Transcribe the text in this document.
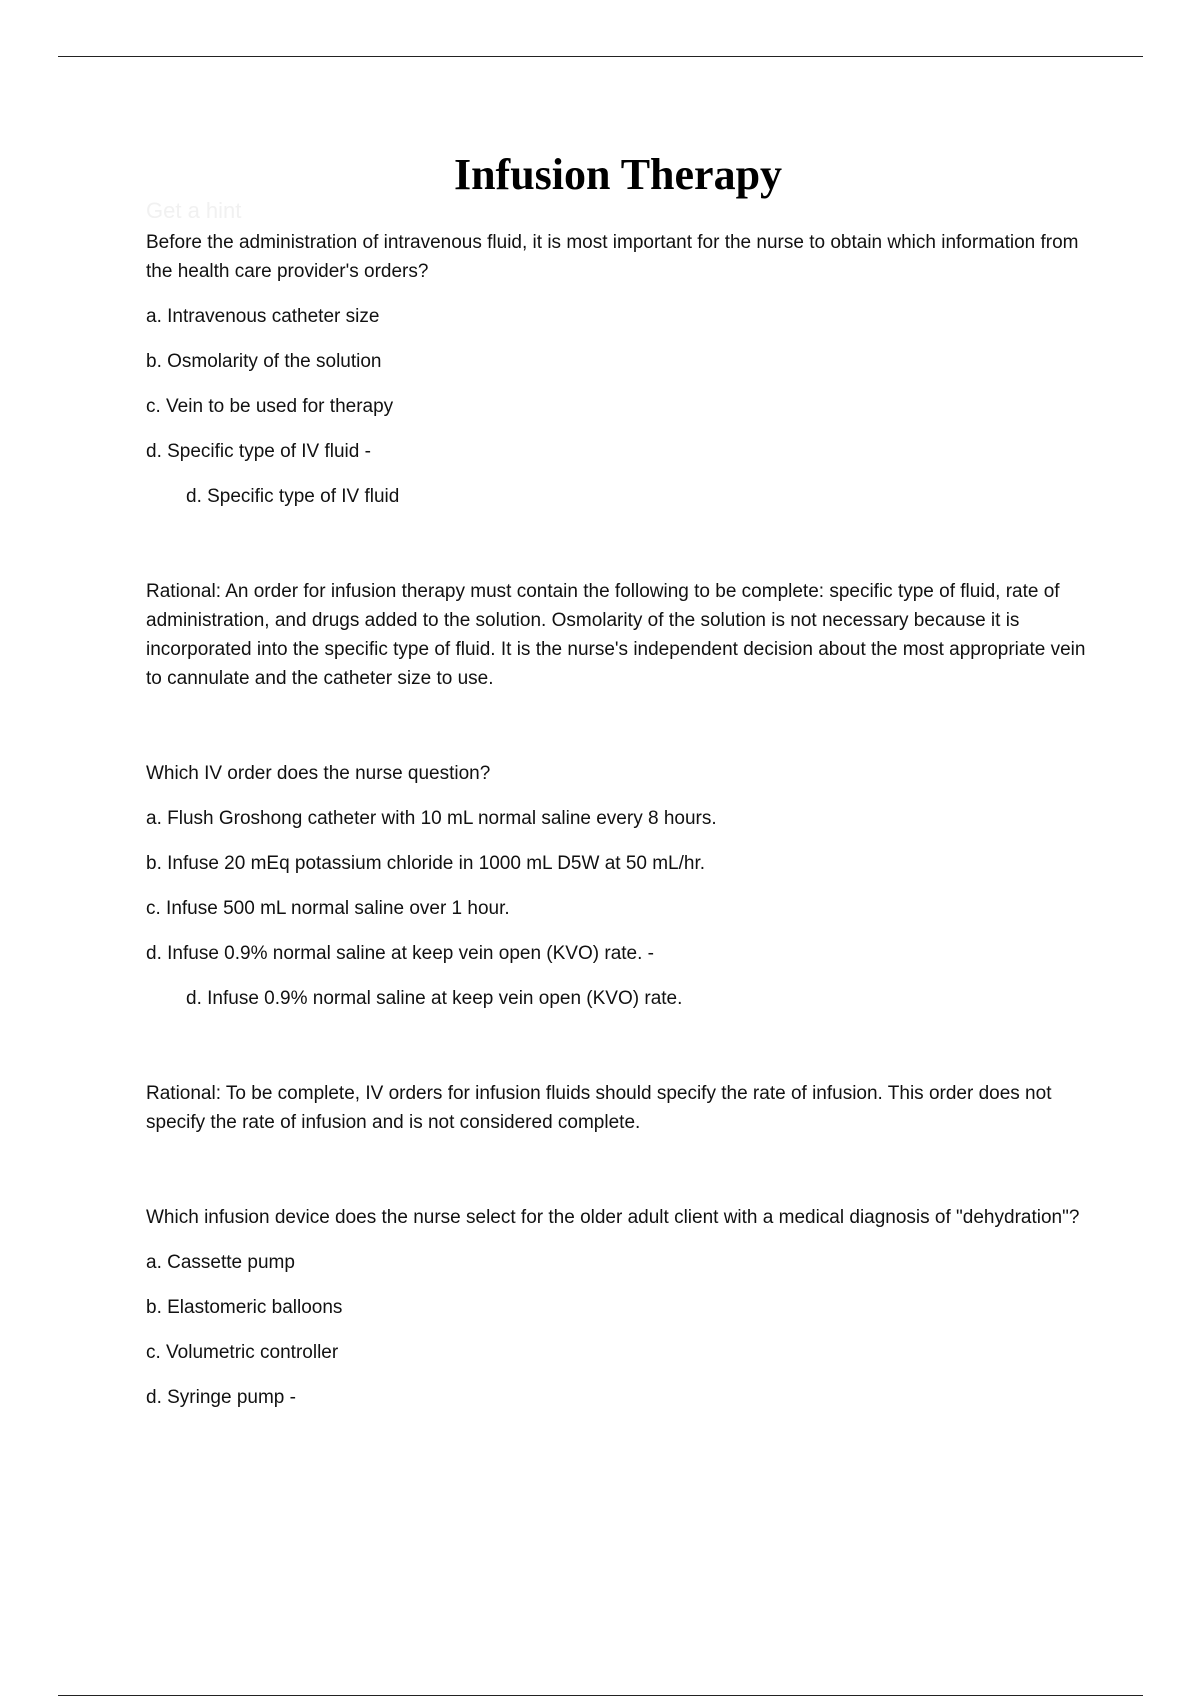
Infusion Therapy
Get a hint

Before the administration of intravenous fluid, it is most important for the nurse to obtain which information from the health care provider's orders?

a. Intravenous catheter size
b. Osmolarity of the solution
c. Vein to be used for therapy
d. Specific type of IV fluid -

d. Specific type of IV fluid

Rational: An order for infusion therapy must contain the following to be complete: specific type of fluid, rate of administration, and drugs added to the solution. Osmolarity of the solution is not necessary because it is incorporated into the specific type of fluid. It is the nurse's independent decision about the most appropriate vein to cannulate and the catheter size to use.

Which IV order does the nurse question?

a. Flush Groshong catheter with 10 mL normal saline every 8 hours.
b. Infuse 20 mEq potassium chloride in 1000 mL D5W at 50 mL/hr.
c. Infuse 500 mL normal saline over 1 hour.
d. Infuse 0.9% normal saline at keep vein open (KVO) rate. -

d. Infuse 0.9% normal saline at keep vein open (KVO) rate.

Rational: To be complete, IV orders for infusion fluids should specify the rate of infusion. This order does not specify the rate of infusion and is not considered complete.

Which infusion device does the nurse select for the older adult client with a medical diagnosis of "dehydration"?

a. Cassette pump
b. Elastomeric balloons
c. Volumetric controller
d. Syringe pump -
